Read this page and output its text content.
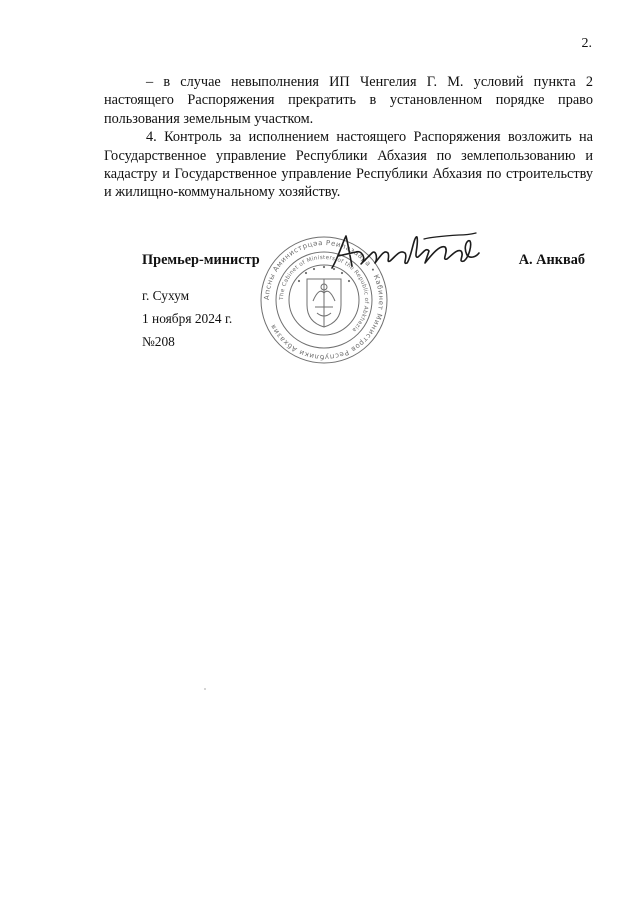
2.

– в случае невыполнения ИП Ченгелия Г. М. условий пункта 2 настоящего Распоряжения прекратить в установленном порядке право пользования земельным участком.

4. Контроль за исполнением настоящего Распоряжения возложить на Государственное управление Республики Абхазия по землепользованию и кадастру и Государственное управление Республики Абхазия по строительству и жилищно-коммунальному хозяйству.

Премьер-министр	А. Анкваб
Апсны Аминистрцәа Реилазаара • Кабинет Министров Республики Абхазия
The Cabinet of Ministers of the Republic of Abkhazia
г. Сухум
1 ноября 2024 г.
№208
